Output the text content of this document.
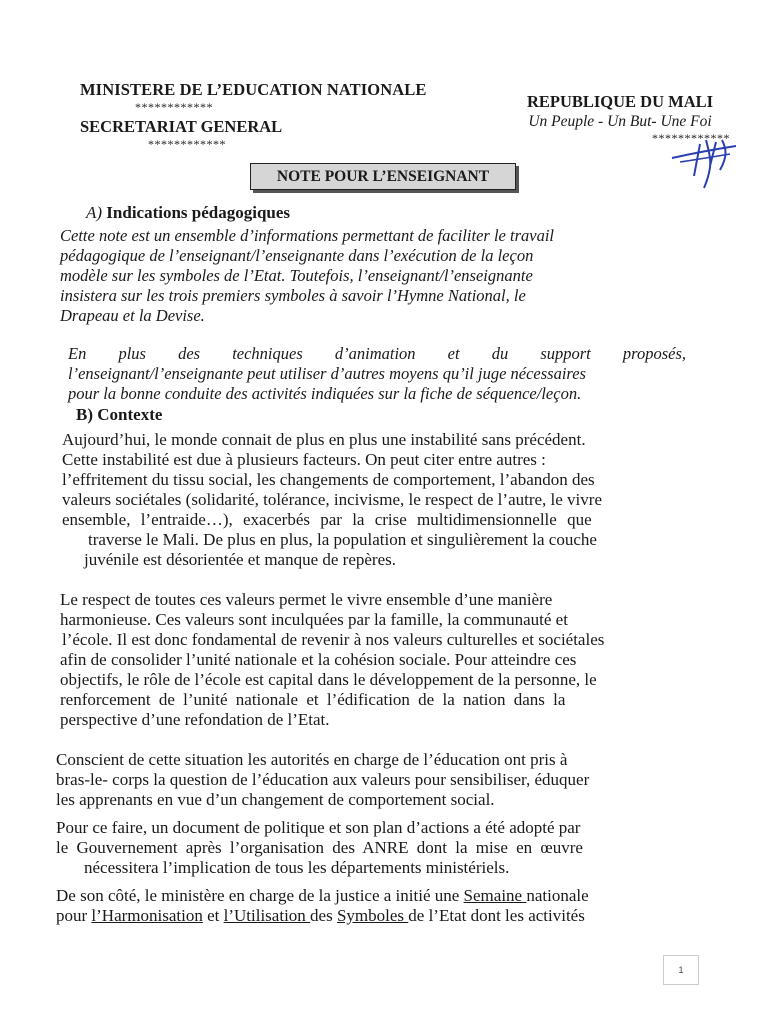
MINISTERE DE L’EDUCATION NATIONALE
************
SECRETARIAT GENERAL
************
REPUBLIQUE DU MALI
Un Peuple - Un But- Une Foi
************
NOTE POUR L’ENSEIGNANT
A) Indications pédagogiques
Cette note est un ensemble d’informations permettant de faciliter le travail
pédagogique de l’enseignant/l’enseignante dans l’exécution de la leçon
modèle sur les symboles de l’Etat. Toutefois, l’enseignant/l’enseignante
insistera sur les trois premiers symboles à savoir l’Hymne National, le
Drapeau et la Devise.
En plus des techniques d’animation et du support proposés,
l’enseignant/l’enseignante peut utiliser d’autres moyens qu’il juge nécessaires
pour la bonne conduite des activités indiquées sur la fiche de séquence/leçon.
B) Contexte
Aujourd’hui, le monde connait de plus en plus une instabilité sans précédent.
Cette instabilité est due à plusieurs facteurs. On peut citer entre autres :
l’effritement du tissu social, les changements de comportement, l’abandon des
valeurs sociétales (solidarité, tolérance, incivisme, le respect de l’autre, le vivre
ensemble, l’entraide…), exacerbés par la crise multidimensionnelle que
traverse le Mali. De plus en plus, la population et singulièrement la couche
juvénile est désorientée et manque de repères.
Le respect de toutes ces valeurs permet le vivre ensemble d’une manière
harmonieuse. Ces valeurs sont inculquées par la famille, la communauté et
l’école. Il est donc fondamental de revenir à nos valeurs culturelles et sociétales
afin de consolider l’unité nationale et la cohésion sociale. Pour atteindre ces
objectifs, le rôle de l’école est capital dans le développement de la personne, le
renforcement de l’unité nationale et l’édification de la nation dans la
perspective d’une refondation de l’Etat.
Conscient de cette situation les autorités en charge de l’éducation ont pris à
bras-le- corps la question de l’éducation aux valeurs pour sensibiliser, éduquer
les apprenants en vue d’un changement de comportement social.
Pour ce faire, un document de politique et son plan d’actions a été adopté par
le Gouvernement après l’organisation des ANRE dont la mise en œuvre
nécessitera l’implication de tous les départements ministériels.
De son côté, le ministère en charge de la justice a initié une Semaine nationale
pour l’Harmonisation et l’Utilisation des Symboles de l’Etat dont les activités
1
